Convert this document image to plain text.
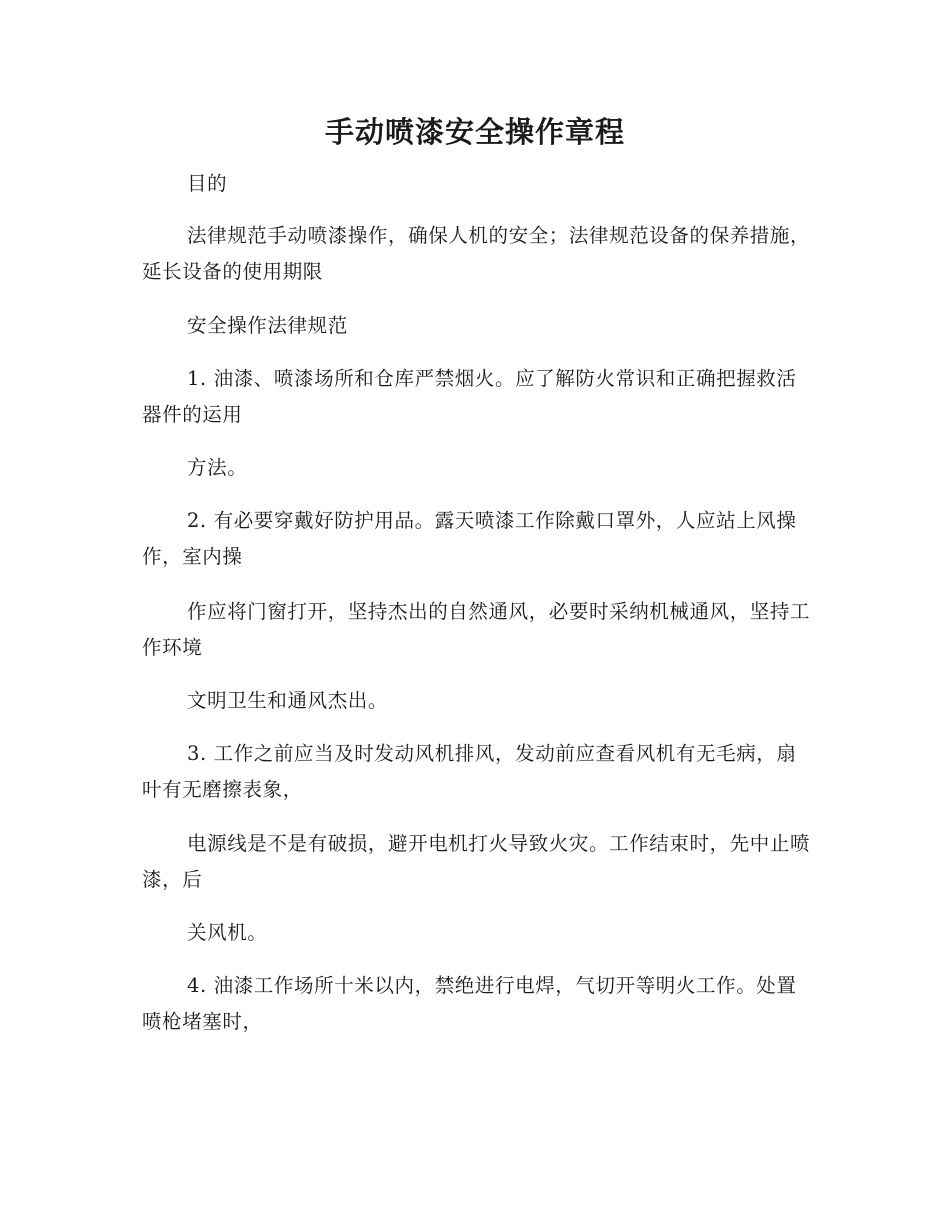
手动喷漆安全操作章程

目的

法律规范手动喷漆操作，确保人机的安全；法律规范设备的保养措施，延长设备的使用期限

安全操作法律规范

1. 油漆、喷漆场所和仓库严禁烟火。应了解防火常识和正确把握救活器件的运用

方法。

2. 有必要穿戴好防护用品。露天喷漆工作除戴口罩外，人应站上风操作，室内操

作应将门窗打开，坚持杰出的自然通风，必要时采纳机械通风，坚持工作环境

文明卫生和通风杰出。

3. 工作之前应当及时发动风机排风，发动前应查看风机有无毛病，扇叶有无磨擦表象，

电源线是不是有破损，避开电机打火导致火灾。工作结束时，先中止喷漆，后

关风机。

4. 油漆工作场所十米以内，禁绝进行电焊，气切开等明火工作。处置喷枪堵塞时，
